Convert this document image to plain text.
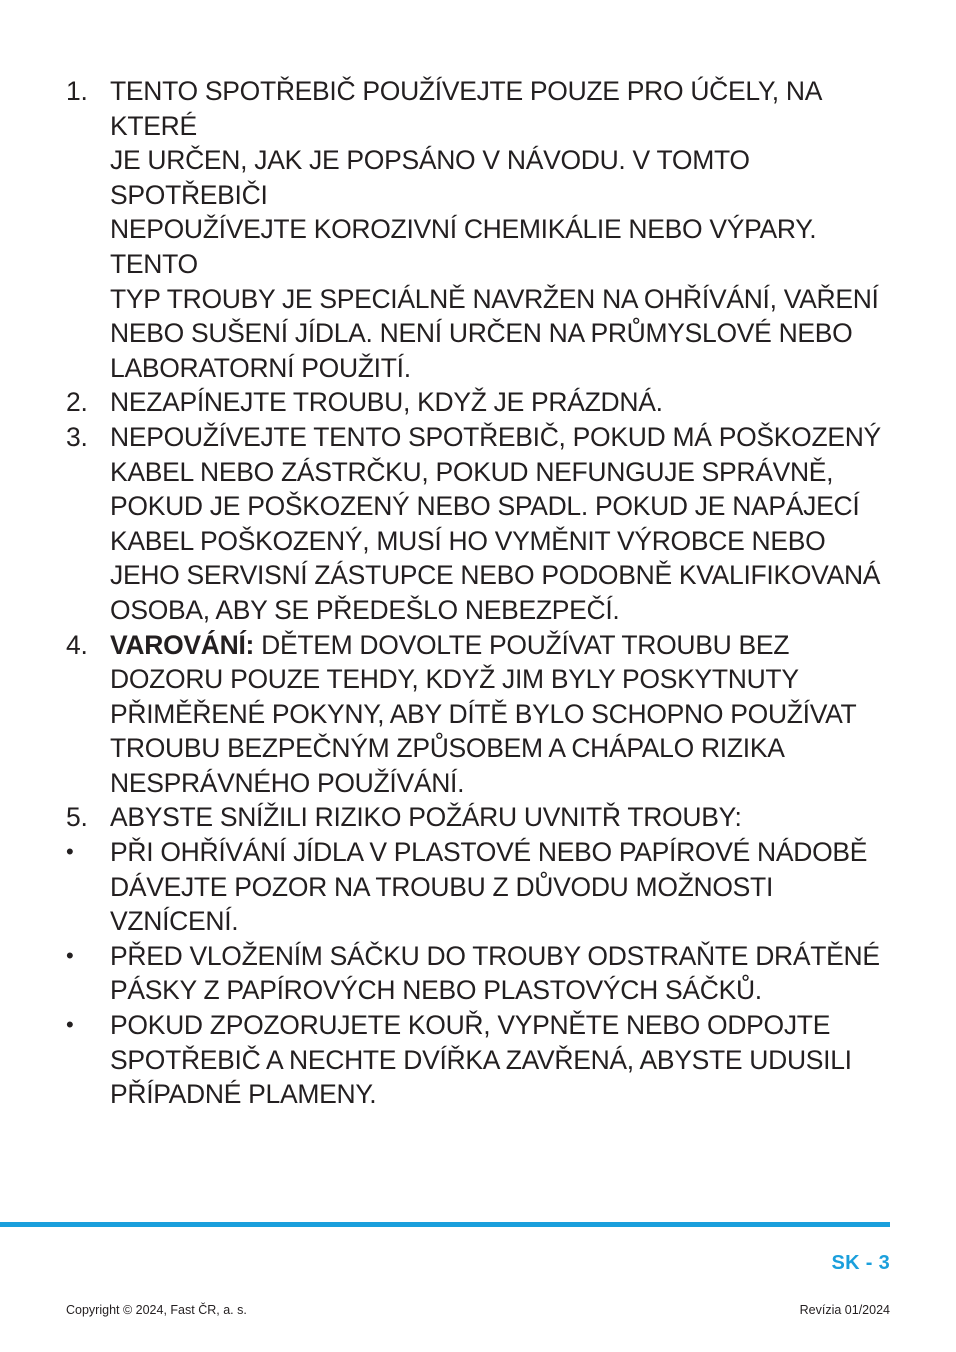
1. TENTO SPOTŘEBIČ POUŽÍVEJTE POUZE PRO ÚČELY, NA KTERÉ
JE URČEN, JAK JE POPSÁNO V NÁVODU. V TOMTO SPOTŘEBIČI
NEPOUŽÍVEJTE KOROZIVNÍ CHEMIKÁLIE NEBO VÝPARY. TENTO
TYP TROUBY JE SPECIÁLNĚ NAVRŽEN NA OHŘÍVÁNÍ, VAŘENÍ
NEBO SUŠENÍ JÍDLA. NENÍ URČEN NA PRŮMYSLOVÉ NEBO
LABORATORNÍ POUŽITÍ.
2. NEZAPÍNEJTE TROUBU, KDYŽ JE PRÁZDNÁ.
3. NEPOUŽÍVEJTE TENTO SPOTŘEBIČ, POKUD MÁ POŠKOZENÝ
KABEL NEBO ZÁSTRČKU, POKUD NEFUNGUJE SPRÁVNĚ,
POKUD JE POŠKOZENÝ NEBO SPADL. POKUD JE NAPÁJECÍ
KABEL POŠKOZENÝ, MUSÍ HO VYMĚNIT VÝROBCE NEBO
JEHO SERVISNÍ ZÁSTUPCE NEBO PODOBNĚ KVALIFIKOVANÁ
OSOBA, ABY SE PŘEDEŠLO NEBEZPEČÍ.
4. VAROVÁNÍ: DĚTEM DOVOLTE POUŽÍVAT TROUBU BEZ
DOZORU POUZE TEHDY, KDYŽ JIM BYLY POSKYTNUTY
PŘIMĚŘENÉ POKYNY, ABY DÍTĚ BYLO SCHOPNO POUŽÍVAT
TROUBU BEZPEČNÝM ZPŮSOBEM A CHÁPALO RIZIKA
NESPRÁVNÉHO POUŽÍVÁNÍ.
5. ABYSTE SNÍŽILI RIZIKO POŽÁRU UVNITŘ TROUBY:
•	PŘI OHŘÍVÁNÍ JÍDLA V PLASTOVÉ NEBO PAPÍROVÉ NÁDOBĚ
DÁVEJTE POZOR NA TROUBU Z DŮVODU MOŽNOSTI
VZNÍCENÍ.
•	PŘED VLOŽENÍM SÁČKU DO TROUBY ODSTRAŇTE DRÁTĚNÉ
PÁSKY Z PAPÍROVÝCH NEBO PLASTOVÝCH SÁČKŮ.
•	POKUD ZPOZORUJETE KOUŘ, VYPNĚTE NEBO ODPOJTE
SPOTŘEBIČ A NECHTE DVÍŘKA ZAVŘENÁ, ABYSTE UDUSILI
PŘÍPADNÉ PLAMENY.
SK - 3
Copyright © 2024, Fast ČR, a. s.	Revízia 01/2024
